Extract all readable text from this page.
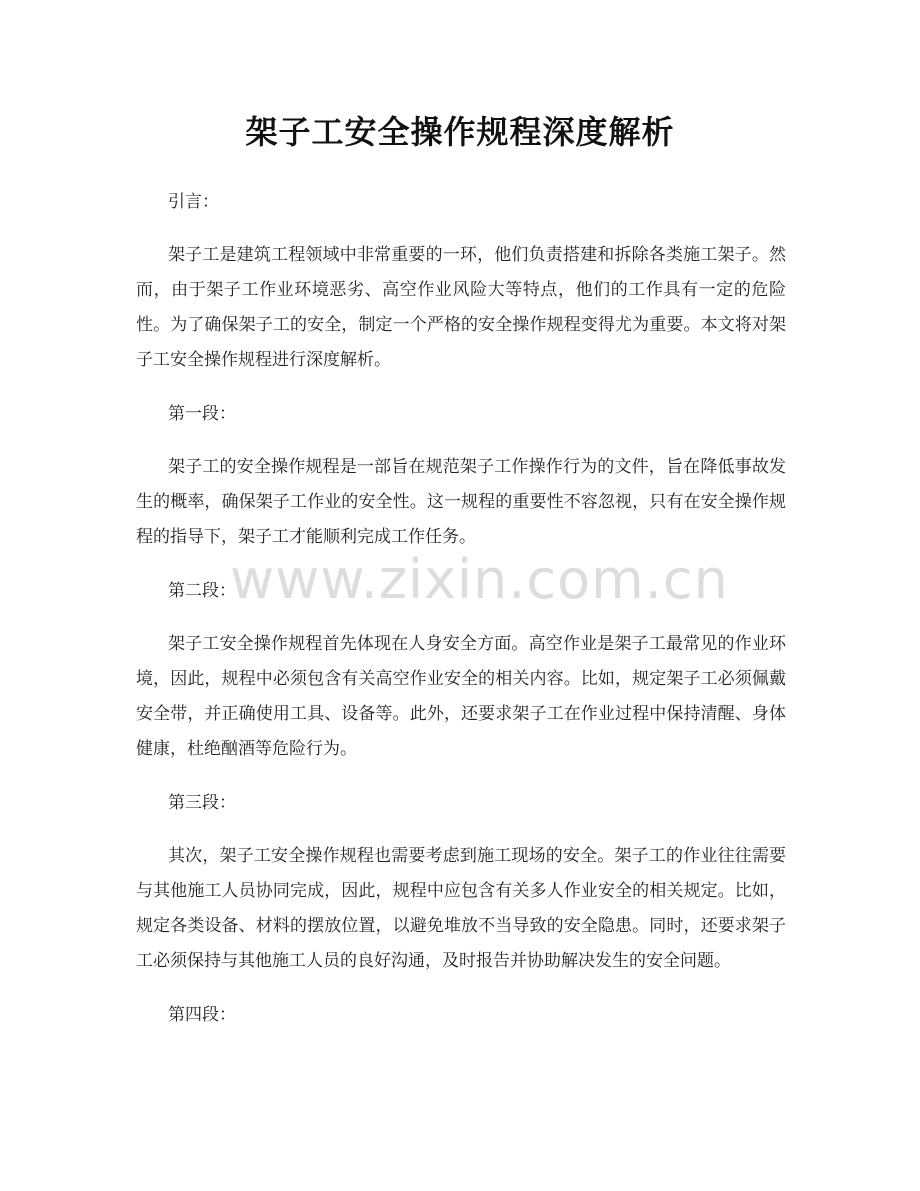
架子工安全操作规程深度解析

引言：

架子工是建筑工程领域中非常重要的一环，他们负责搭建和拆除各类施工架子。然而，由于架子工作业环境恶劣、高空作业风险大等特点，他们的工作具有一定的危险性。为了确保架子工的安全，制定一个严格的安全操作规程变得尤为重要。本文将对架子工安全操作规程进行深度解析。

第一段：

架子工的安全操作规程是一部旨在规范架子工作操作行为的文件，旨在降低事故发生的概率，确保架子工作业的安全性。这一规程的重要性不容忽视，只有在安全操作规程的指导下，架子工才能顺利完成工作任务。

第二段：

架子工安全操作规程首先体现在人身安全方面。高空作业是架子工最常见的作业环境，因此，规程中必须包含有关高空作业安全的相关内容。比如，规定架子工必须佩戴安全带，并正确使用工具、设备等。此外，还要求架子工在作业过程中保持清醒、身体健康，杜绝酗酒等危险行为。

第三段：

其次，架子工安全操作规程也需要考虑到施工现场的安全。架子工的作业往往需要与其他施工人员协同完成，因此，规程中应包含有关多人作业安全的相关规定。比如，规定各类设备、材料的摆放位置，以避免堆放不当导致的安全隐患。同时，还要求架子工必须保持与其他施工人员的良好沟通，及时报告并协助解决发生的安全问题。

第四段：

www.zixin.com.cn
